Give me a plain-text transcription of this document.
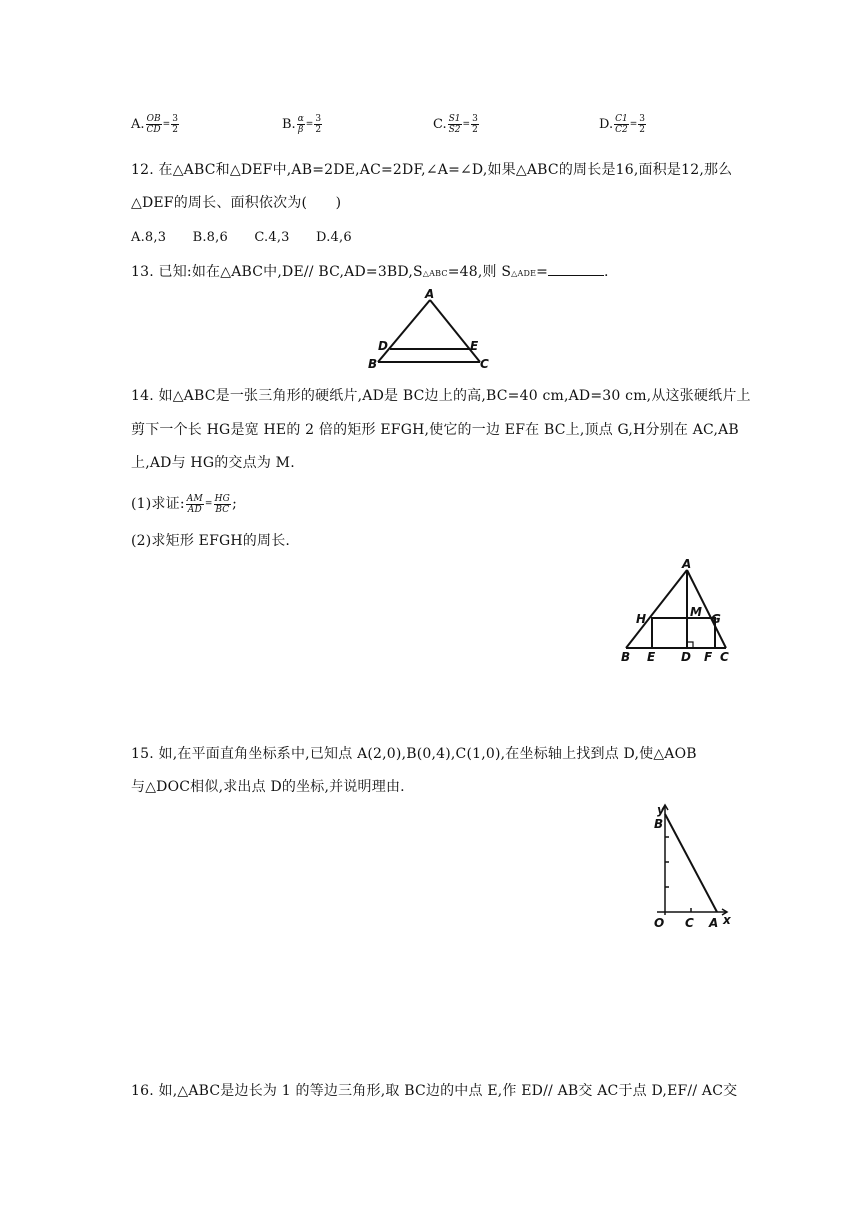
A. $\frac{OB}{CD} = \frac{3}{2}$	B. $\frac{\alpha}{\beta} = \frac{3}{2}$	C. $\frac{S1}{S2} = \frac{3}{2}$	D. $\frac{C1}{C2} = \frac{3}{2}$
12. 在△ABC和△DEF中,AB=2DE,AC=2DF,∠A=∠D,如果△ABC的周长是16,面积是12,那么
△DEF的周长、面积依次为(　　)
A.8,3　　B.8,6　　C.4,3　　D.4,6
13. 已知:如在△ABC中,DE// BC,AD=3BD,S△ABC=48,则 S△ADE=	.
A
D	E
B	C
14. 如△ABC是一张三角形的硬纸片,AD是 BC边上的高,BC=40 cm,AD=30 cm,从这张硬纸片上
剪下一个长 HG是宽 HE的 2 倍的矩形 EFGH,使它的一边 EF在 BC上,顶点 G,H分别在 AC,AB
上,AD与 HG的交点为 M.
(1)求证: $\frac{AM}{AD} = \frac{HG}{BC}$ ;
(2)求矩形 EFGH的周长.
H
A
M G
B E D F C
15. 如,在平面直角坐标系中,已知点 A(2,0),B(0,4),C(1,0),在坐标轴上找到点 D,使△AOB
与△DOC相似,求出点 D的坐标,并说明理由.
y
B
O C A x
16. 如,△ABC是边长为 1 的等边三角形,取 BC边的中点 E,作 ED// AB交 AC于点 D,EF// AC交
